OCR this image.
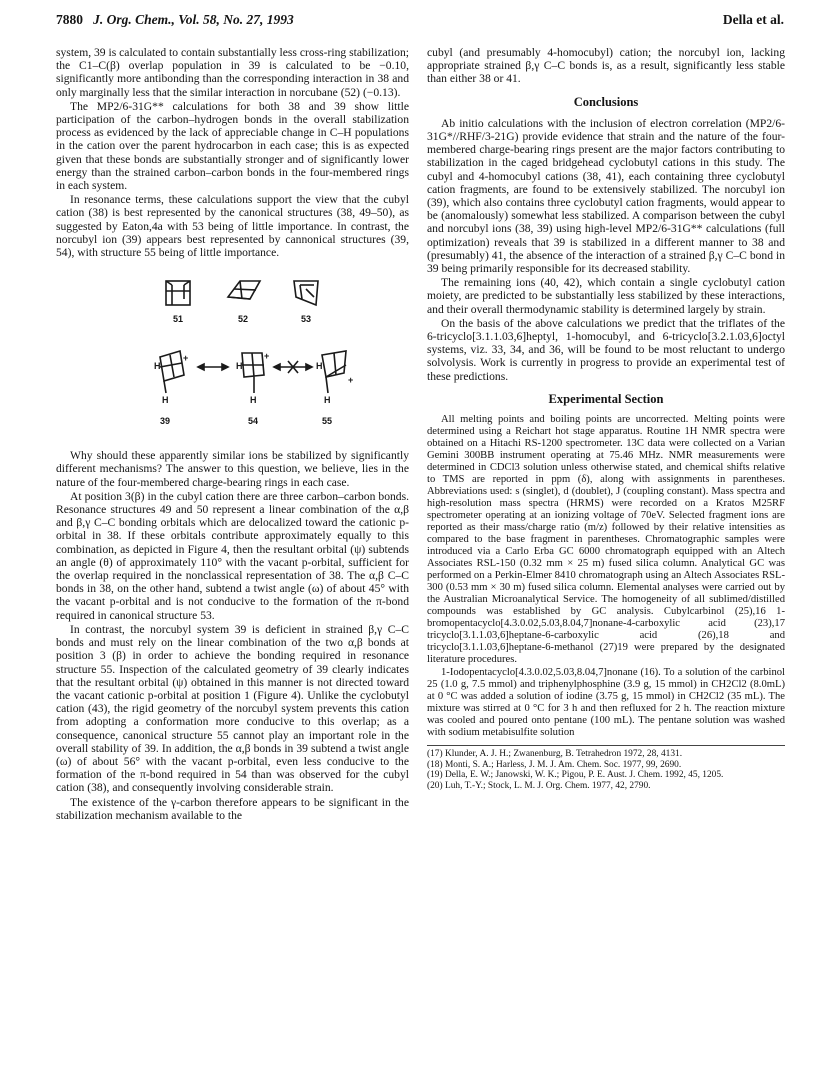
7880 J. Org. Chem., Vol. 58, No. 27, 1993	Della et al.

system, 39 is calculated to contain substantially less cross-ring stabilization; the C1–C(β) overlap population in 39 is calculated to be −0.10, significantly more antibonding than the corresponding interaction in 38 and only marginally less that the similar interaction in norcubane (52) (−0.13).

The MP2/6-31G** calculations for both 38 and 39 show little participation of the carbon–hydrogen bonds in the overall stabilization process as evidenced by the lack of appreciable change in C–H populations in the cation over the parent hydrocarbon in each case; this is as expected given that these bonds are substantially stronger and of significantly lower energy than the strained carbon–carbon bonds in the four-membered rings in each system.

In resonance terms, these calculations support the view that the cubyl cation (38) is best represented by the canonical structures (38, 49–50), as suggested by Eaton,4a with 53 being of little importance. In contrast, the norcubyl ion (39) appears best represented by cannonical structures (39, 54), with structure 55 being of little importance.

H
+
H
H
+
H
H
+
H
51	52	53
39	54	55

Why should these apparently similar ions be stabilized by significantly different mechanisms? The answer to this question, we believe, lies in the nature of the four-membered charge-bearing rings in each case.

At position 3(β) in the cubyl cation there are three carbon–carbon bonds. Resonance structures 49 and 50 represent a linear combination of the α,β and β,γ C–C bonding orbitals which are delocalized toward the cationic p-orbital in 38. If these orbitals contribute approximately equally to this combination, as depicted in Figure 4, then the resultant orbital (ψ) subtends an angle (θ) of approximately 110° with the vacant p-orbital, sufficient for the overlap required in the nonclassical representation of 38. The α,β C–C bonds in 38, on the other hand, subtend a twist angle (ω) of about 45° with the vacant p-orbital and is not conducive to the formation of the π-bond required in canonical structure 53.

In contrast, the norcubyl system 39 is deficient in strained β,γ C–C bonds and must rely on the linear combination of the two α,β bonds at position 3 (β) in order to achieve the bonding required in resonance structure 55. Inspection of the calculated geometry of 39 clearly indicates that the resultant orbital (ψ) obtained in this manner is not directed toward the vacant cationic p-orbital at position 1 (Figure 4). Unlike the cyclobutyl cation (43), the rigid geometry of the norcubyl system prevents this cation from adopting a conformation more conducive to this overlap; as a consequence, canonical structure 55 cannot play an important role in the overall stability of 39. In addition, the α,β bonds in 39 subtend a twist angle (ω) of about 56° with the vacant p-orbital, even less conducive to the formation of the π-bond required in 54 than was observed for the cubyl cation (38), and consequently involving considerable strain.

The existence of the γ-carbon therefore appears to be significant in the stabilization mechanism available to the

cubyl (and presumably 4-homocubyl) cation; the norcubyl ion, lacking appropriate strained β,γ C–C bonds is, as a result, significantly less stable than either 38 or 41.

Conclusions

Ab initio calculations with the inclusion of electron correlation (MP2/6-31G*//RHF/3-21G) provide evidence that strain and the nature of the four-membered charge-bearing rings present are the major factors contributing to stabilization in the caged bridgehead cyclobutyl cations in this study. The cubyl and 4-homocubyl cations (38, 41), each containing three cyclobutyl cation fragments, are found to be extensively stabilized. The norcubyl ion (39), which also contains three cyclobutyl cation fragments, would appear to be (anomalously) somewhat less stabilized. A comparison between the cubyl and norcubyl ions (38, 39) using high-level MP2/6-31G** calculations (full optimization) reveals that 39 is stabilized in a different manner to 38 and (presumably) 41, the absence of the interaction of a strained β,γ C–C bond in 39 being primarily responsible for its decreased stability.

The remaining ions (40, 42), which contain a single cyclobutyl cation moiety, are predicted to be substantially less stabilized by these interactions, and their overall thermodynamic stability is determined largely by strain.

On the basis of the above calculations we predict that the triflates of the 6-tricyclo[3.1.1.03,6]heptyl, 1-homocubyl, and 6-tricyclo[3.2.1.03,6]octyl systems, viz. 33, 34, and 36, will be found to be most reluctant to undergo solvolysis. Work is currently in progress to provide an experimental test of these predictions.

Experimental Section

All melting points and boiling points are uncorrected. Melting points were determined using a Reichart hot stage apparatus. Routine 1H NMR spectra were obtained on a Hitachi RS-1200 spectrometer. 13C data were collected on a Varian Gemini 300BB instrument operating at 75.46 MHz. NMR measurements were determined in CDCl3 solution unless otherwise stated, and chemical shifts relative to TMS are reported in ppm (δ), along with assignments in parentheses. Abbreviations used: s (singlet), d (doublet), J (coupling constant). Mass spectra and high-resolution mass spectra (HRMS) were recorded on a Kratos M25RF spectrometer operating at an ionizing voltage of 70eV. Selected fragment ions are reported as their mass/charge ratio (m/z) followed by their relative intensities as compared to the base fragment in parentheses. Chromatographic samples were introduced via a Carlo Erba GC 6000 chromatograph equipped with an Altech Associates RSL-150 (0.32 mm × 25 m) fused silica column. Analytical GC was performed on a Perkin-Elmer 8410 chromatograph using an Altech Associates RSL-300 (0.53 mm × 30 m) fused silica column. Elemental analyses were carried out by the Australian Microanalytical Service. The homogeneity of all sublimed/distilled compounds was established by GC analysis. Cubylcarbinol (25),16 1-bromopentacyclo[4.3.0.02,5.03,8.04,7]nonane-4-carboxylic acid (23),17 tricyclo[3.1.1.03,6]heptane-6-carboxylic acid (26),18 and tricyclo[3.1.1.03,6]heptane-6-methanol (27)19 were prepared by the designated literature procedures.

1-Iodopentacyclo[4.3.0.02,5.03,8.04,7]nonane (16). To a solution of the carbinol 25 (1.0 g, 7.5 mmol) and triphenylphosphine (3.9 g, 15 mmol) in CH2Cl2 (8.0mL) at 0 °C was added a solution of iodine (3.75 g, 15 mmol) in CH2Cl2 (35 mL). The mixture was stirred at 0 °C for 3 h and then refluxed for 2 h. The reaction mixture was cooled and poured onto pentane (100 mL). The pentane solution was washed with sodium metabisulfite solution

(17) Klunder, A. J. H.; Zwanenburg, B. Tetrahedron 1972, 28, 4131.

(18) Monti, S. A.; Harless, J. M. J. Am. Chem. Soc. 1977, 99, 2690.

(19) Della, E. W.; Janowski, W. K.; Pigou, P. E. Aust. J. Chem. 1992, 45, 1205.

(20) Luh, T.-Y.; Stock, L. M. J. Org. Chem. 1977, 42, 2790.
